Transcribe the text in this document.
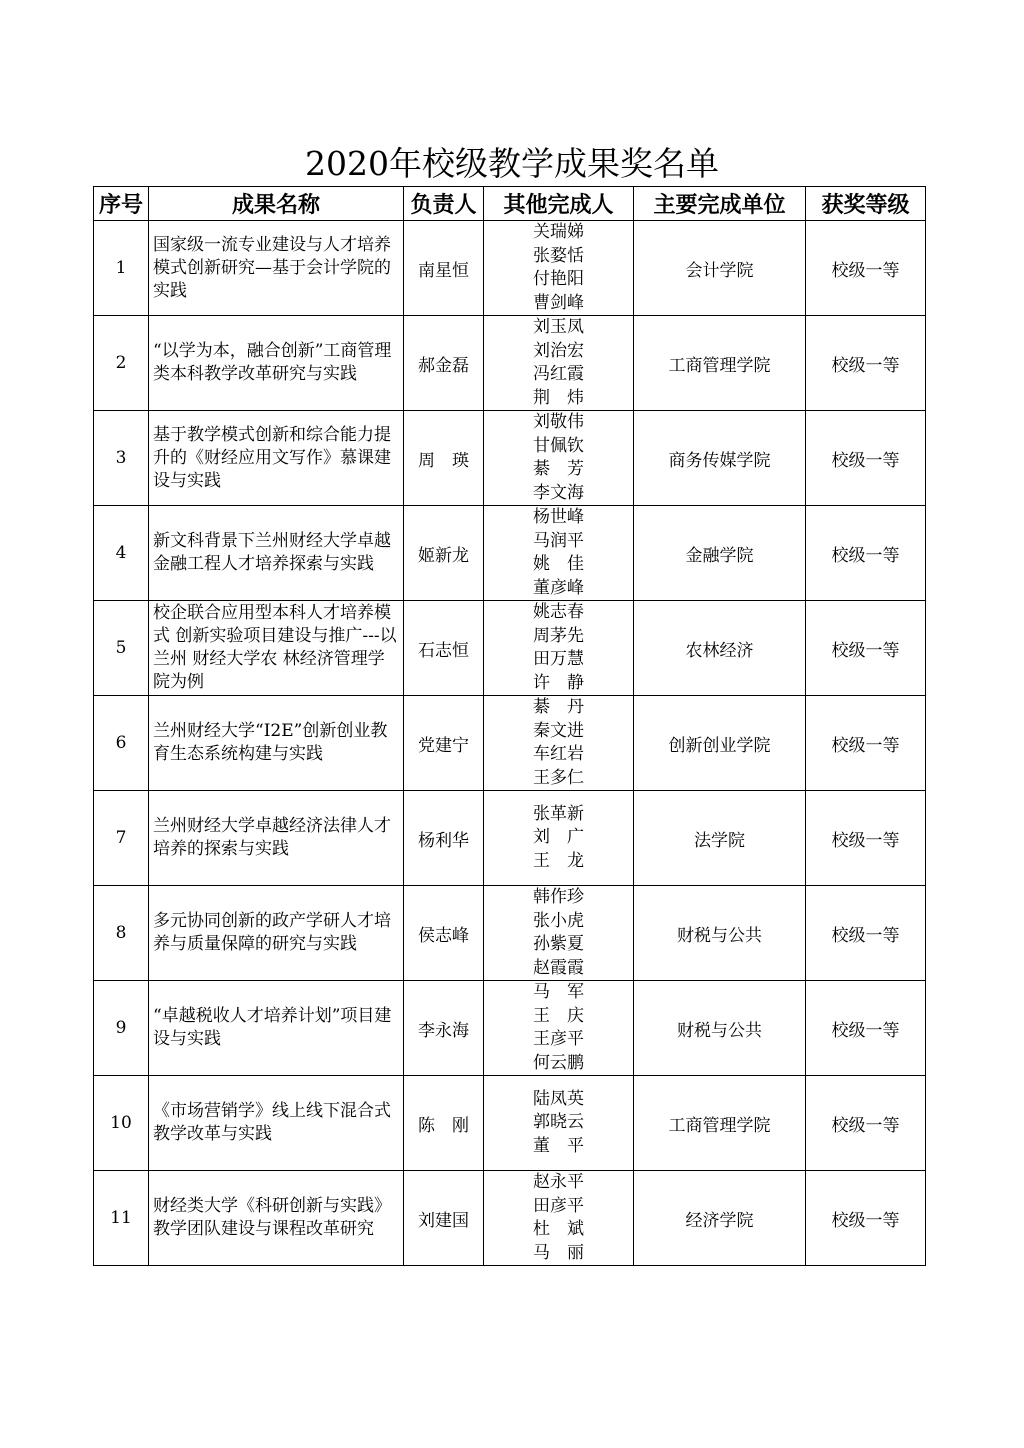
2020年校级教学成果奖名单
序号	成果名称	负责人	其他完成人	主要完成单位	获奖等级
1	国家级一流专业建设与人才培养模式创新研究—基于会计学院的实践	南星恒	关瑞娣
张婺恬
付艳阳
曹剑峰	会计学院	校级一等
2	“以学为本，融合创新”工商管理类本科教学改革研究与实践	郝金磊	刘玉凤
刘治宏
冯红霞
荆　炜	工商管理学院	校级一等
3	基于教学模式创新和综合能力提升的《财经应用文写作》慕课建设与实践	周　瑛	刘敬伟
甘佩钦
綦　芳
李文海	商务传媒学院	校级一等
4	新文科背景下兰州财经大学卓越金融工程人才培养探索与实践	姬新龙	杨世峰
马润平
姚　佳
董彦峰	金融学院	校级一等
5	校企联合应用型本科人才培养模式 创新实验项目建设与推广---以兰州 财经大学农 林经济管理学院为例	石志恒	姚志春
周茅先
田万慧
许　静	农林经济	校级一等
6	兰州财经大学“I2E”创新创业教育生态系统构建与实践	党建宁	綦　丹
秦文进
车红岩
王多仁	创新创业学院	校级一等
7	兰州财经大学卓越经济法律人才培养的探索与实践	杨利华	张革新
刘　广
王　龙	法学院	校级一等
8	多元协同创新的政产学研人才培养与质量保障的研究与实践	侯志峰	韩作珍
张小虎
孙紫夏
赵霞霞	财税与公共	校级一等
9	“卓越税收人才培养计划”项目建设与实践	李永海	马　军
王　庆
王彦平
何云鹏	财税与公共	校级一等
10	《市场营销学》线上线下混合式教学改革与实践	陈　刚	陆凤英
郭晓云
董　平	工商管理学院	校级一等
11	财经类大学《科研创新与实践》教学团队建设与课程改革研究	刘建国	赵永平
田彦平
杜　斌
马　丽	经济学院	校级一等
